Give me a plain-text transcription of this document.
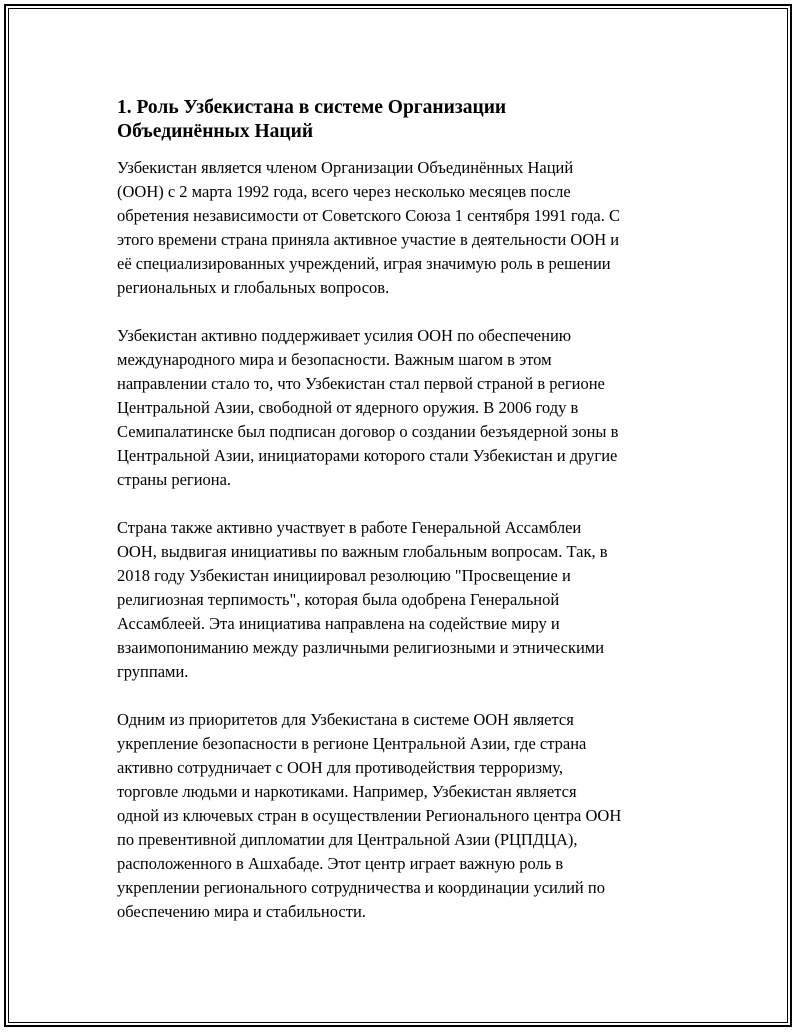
1. Роль Узбекистана в системе Организации
Объединённых Наций

Узбекистан является членом Организации Объединённых Наций
(ООН) с 2 марта 1992 года, всего через несколько месяцев после
обретения независимости от Советского Союза 1 сентября 1991 года. С
этого времени страна приняла активное участие в деятельности ООН и
её специализированных учреждений, играя значимую роль в решении
региональных и глобальных вопросов.

Узбекистан активно поддерживает усилия ООН по обеспечению
международного мира и безопасности. Важным шагом в этом
направлении стало то, что Узбекистан стал первой страной в регионе
Центральной Азии, свободной от ядерного оружия. В 2006 году в
Семипалатинске был подписан договор о создании безъядерной зоны в
Центральной Азии, инициаторами которого стали Узбекистан и другие
страны региона.

Страна также активно участвует в работе Генеральной Ассамблеи
ООН, выдвигая инициативы по важным глобальным вопросам. Так, в
2018 году Узбекистан инициировал резолюцию "Просвещение и
религиозная терпимость", которая была одобрена Генеральной
Ассамблеей. Эта инициатива направлена на содействие миру и
взаимопониманию между различными религиозными и этническими
группами.

Одним из приоритетов для Узбекистана в системе ООН является
укрепление безопасности в регионе Центральной Азии, где страна
активно сотрудничает с ООН для противодействия терроризму,
торговле людьми и наркотиками. Например, Узбекистан является
одной из ключевых стран в осуществлении Регионального центра ООН
по превентивной дипломатии для Центральной Азии (РЦПДЦА),
расположенного в Ашхабаде. Этот центр играет важную роль в
укреплении регионального сотрудничества и координации усилий по
обеспечению мира и стабильности.
